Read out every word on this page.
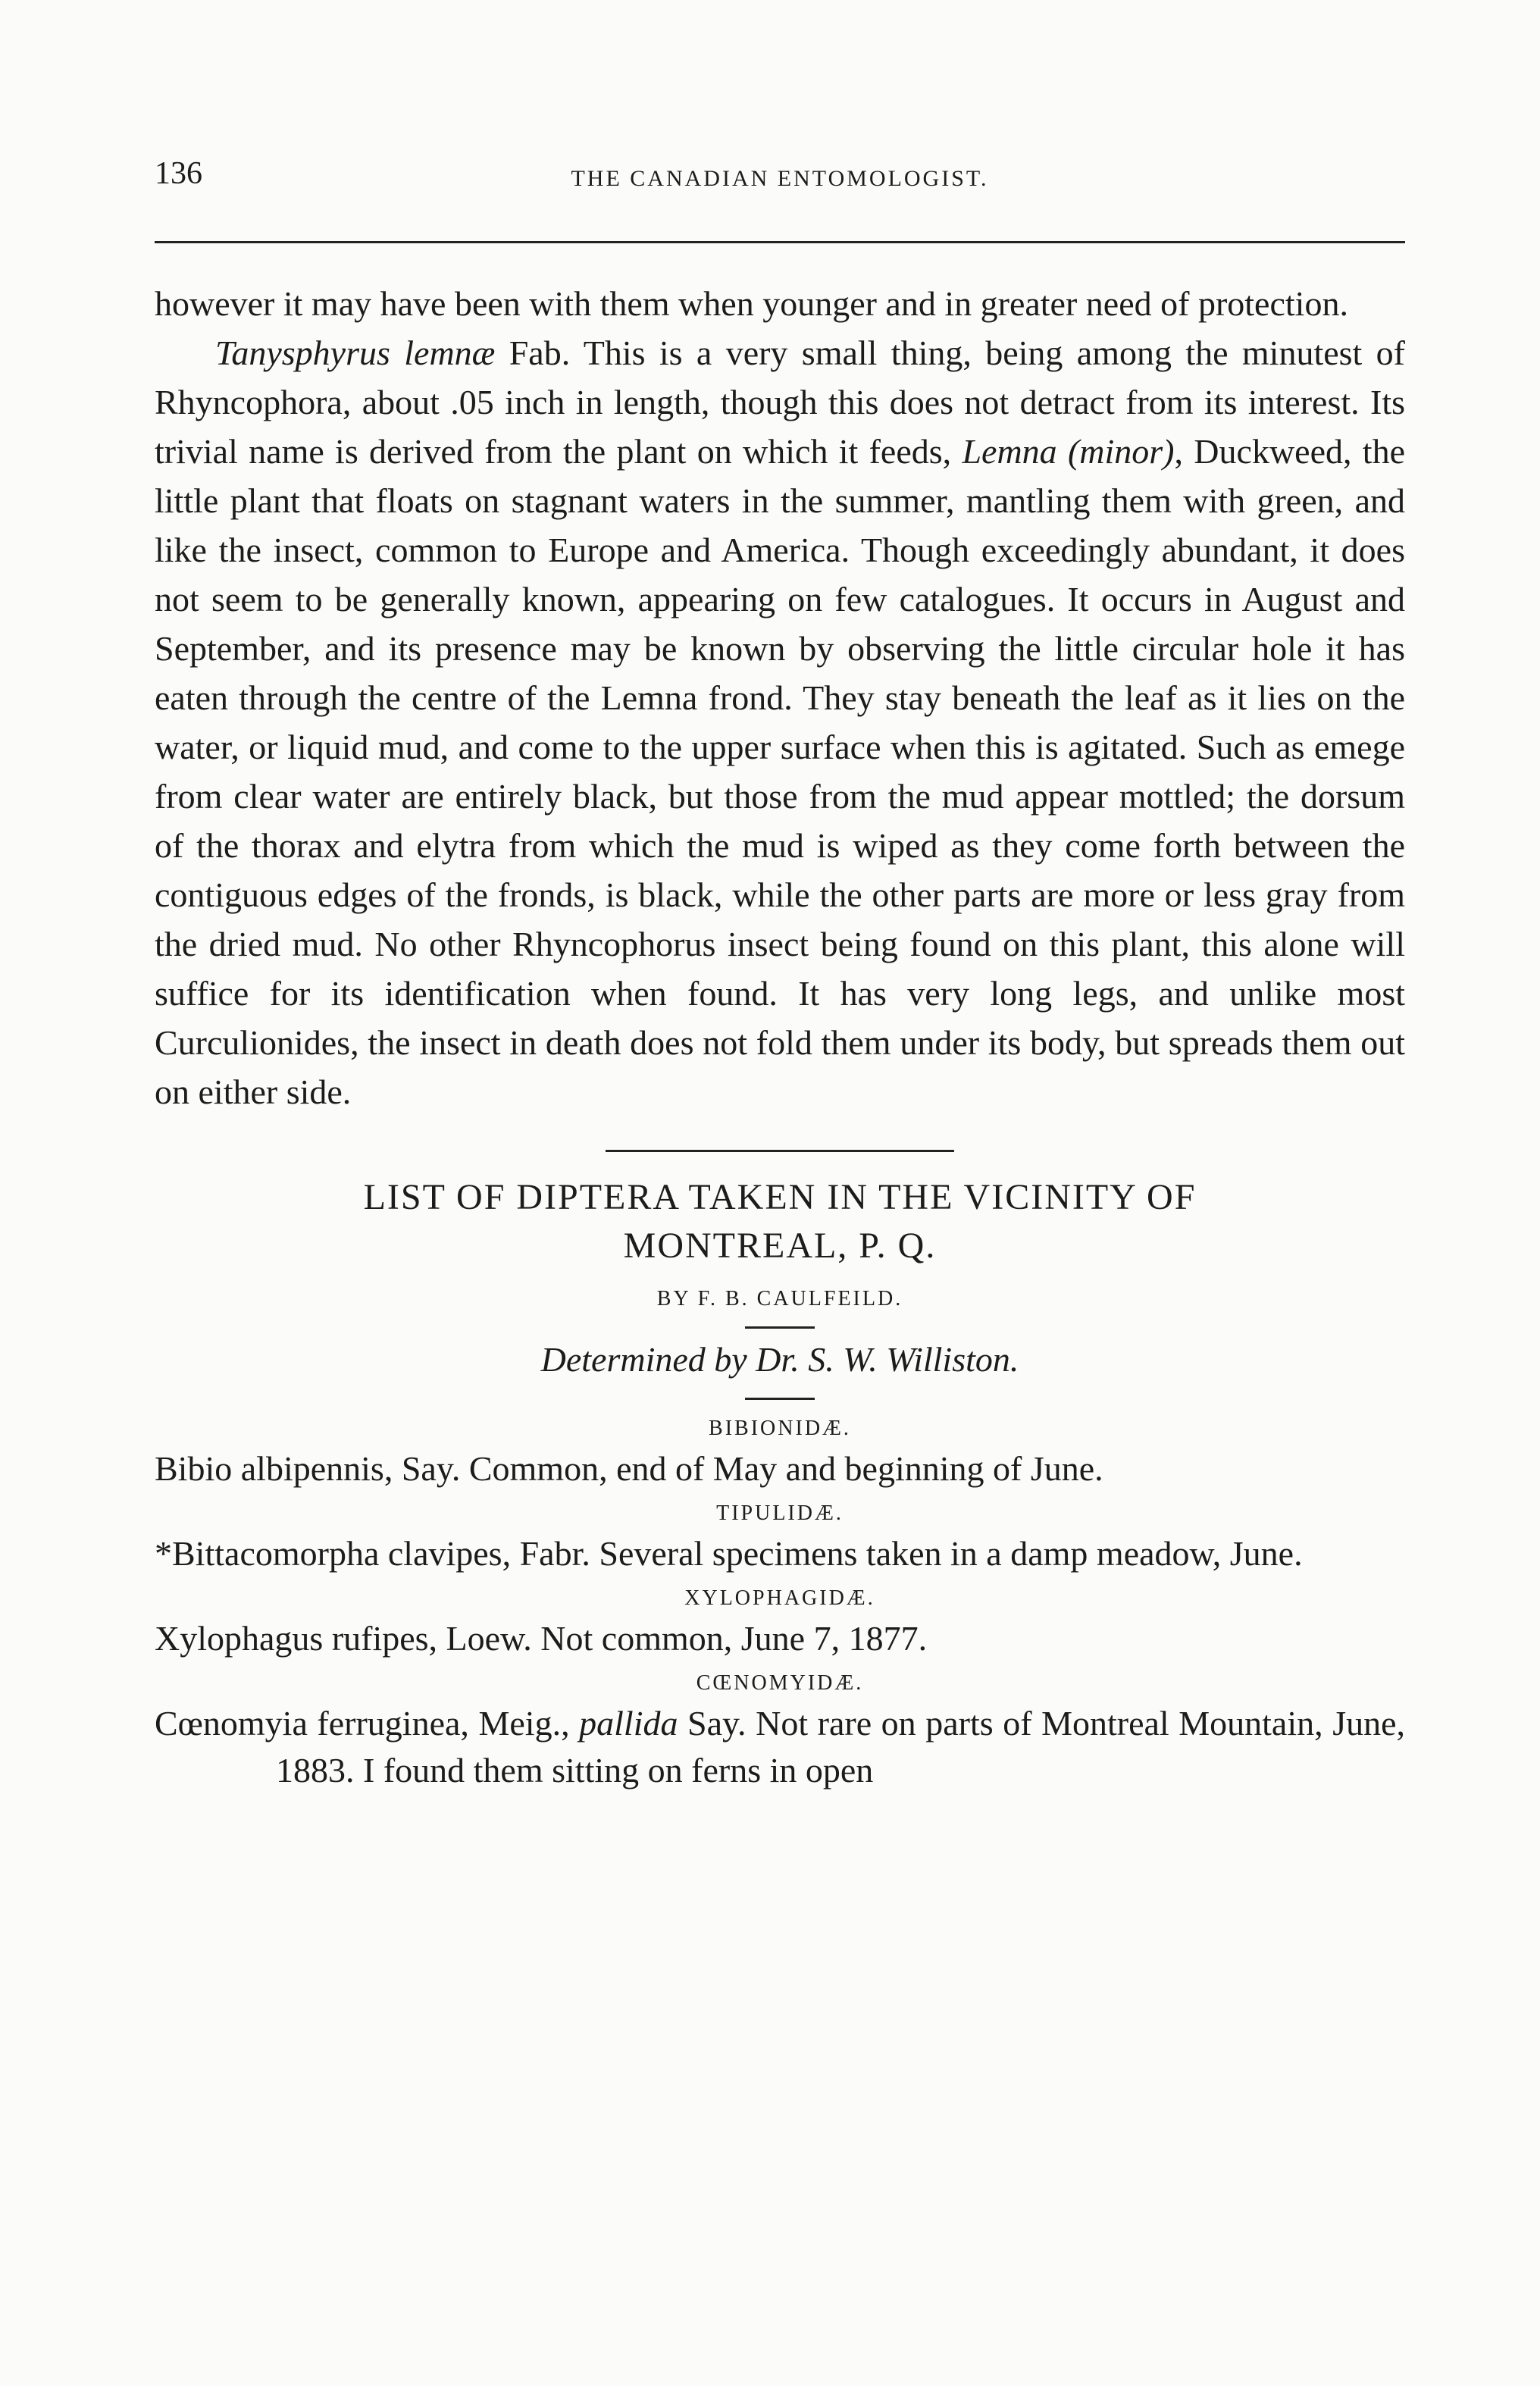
136	THE CANADIAN ENTOMOLOGIST.

however it may have been with them when younger and in greater need of protection.

Tanysphyrus lemnæ Fab. This is a very small thing, being among the minutest of Rhyncophora, about .05 inch in length, though this does not detract from its interest. Its trivial name is derived from the plant on which it feeds, Lemna (minor), Duckweed, the little plant that floats on stagnant waters in the summer, mantling them with green, and like the insect, common to Europe and America. Though exceedingly abundant, it does not seem to be generally known, appearing on few catalogues. It occurs in August and September, and its presence may be known by observing the little circular hole it has eaten through the centre of the Lemna frond. They stay beneath the leaf as it lies on the water, or liquid mud, and come to the upper surface when this is agitated. Such as emege from clear water are entirely black, but those from the mud appear mottled; the dorsum of the thorax and elytra from which the mud is wiped as they come forth between the contiguous edges of the fronds, is black, while the other parts are more or less gray from the dried mud. No other Rhyncophorus insect being found on this plant, this alone will suffice for its identification when found. It has very long legs, and unlike most Curculionides, the insect in death does not fold them under its body, but spreads them out on either side.

LIST OF DIPTERA TAKEN IN THE VICINITY OF

MONTREAL, P. Q.

BY F. B. CAULFEILD.

Determined by Dr. S. W. Williston.

BIBIONIDÆ.

Bibio albipennis, Say. Common, end of May and beginning of June.

TIPULIDÆ.

*Bittacomorpha clavipes, Fabr. Several specimens taken in a damp meadow, June.

XYLOPHAGIDÆ.

Xylophagus rufipes, Loew. Not common, June 7, 1877.

CŒNOMYIDÆ.

Cœnomyia ferruginea, Meig., pallida Say. Not rare on parts of Montreal Mountain, June, 1883. I found them sitting on ferns in open
